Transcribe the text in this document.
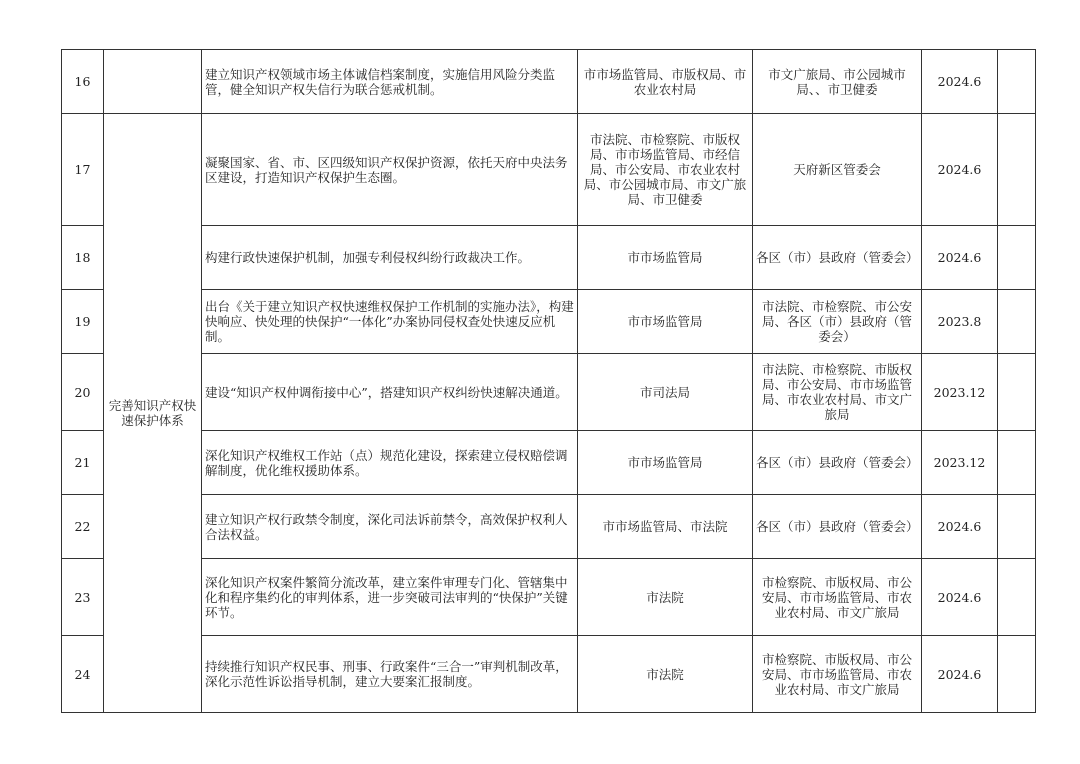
16		建立知识产权领域市场主体诚信档案制度，实施信用风险分类监管，健全知识产权失信行为联合惩戒机制。	市市场监管局、市版权局、市农业农村局	市文广旅局、市公园城市局、、市卫健委	2024.6	
17	完善知识产权快速保护体系	凝聚国家、省、市、区四级知识产权保护资源，依托天府中央法务区建设，打造知识产权保护生态圈。	市法院、市检察院、市版权局、市市场监管局、市经信局、市公安局、市农业农村局、市公园城市局、市文广旅局、市卫健委	天府新区管委会	2024.6	
18		构建行政快速保护机制，加强专利侵权纠纷行政裁决工作。	市市场监管局	各区（市）县政府（管委会）	2024.6	
19		出台《关于建立知识产权快速维权保护工作机制的实施办法》，构建快响应、快处理的快保护“一体化”办案协同侵权查处快速反应机制。	市市场监管局	市法院、市检察院、市公安局、各区（市）县政府（管委会）	2023.8	
20		建设“知识产权仲调衔接中心”，搭建知识产权纠纷快速解决通道。	市司法局	市法院、市检察院、市版权局、市公安局、市市场监管局、市农业农村局、市文广旅局	2023.12	
21		深化知识产权维权工作站（点）规范化建设，探索建立侵权赔偿调解制度，优化维权援助体系。	市市场监管局	各区（市）县政府（管委会）	2023.12	
22		建立知识产权行政禁令制度，深化司法诉前禁令，高效保护权利人合法权益。	市市场监管局、市法院	各区（市）县政府（管委会）	2024.6	
23		深化知识产权案件繁简分流改革，建立案件审理专门化、管辖集中化和程序集约化的审判体系，进一步突破司法审判的“快保护”关键环节。	市法院	市检察院、市版权局、市公安局、市市场监管局、市农业农村局、市文广旅局	2024.6	
24		持续推行知识产权民事、刑事、行政案件“三合一”审判机制改革，深化示范性诉讼指导机制，建立大要案汇报制度。	市法院	市检察院、市版权局、市公安局、市市场监管局、市农业农村局、市文广旅局	2024.6	
